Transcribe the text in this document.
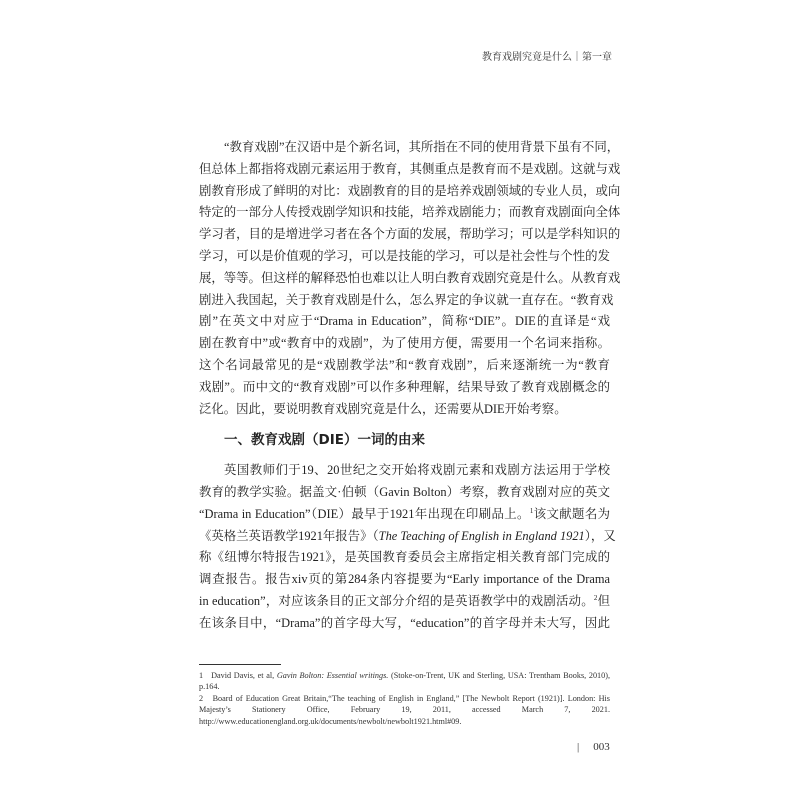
教育戏剧究竟是什么｜第一章
“教育戏剧”在汉语中是个新名词，其所指在不同的使用背景下虽有不同，
但总体上都指将戏剧元素运用于教育，其侧重点是教育而不是戏剧。这就与戏
剧教育形成了鲜明的对比：戏剧教育的目的是培养戏剧领域的专业人员，或向
特定的一部分人传授戏剧学知识和技能，培养戏剧能力；而教育戏剧面向全体
学习者，目的是增进学习者在各个方面的发展，帮助学习；可以是学科知识的
学习，可以是价值观的学习，可以是技能的学习，可以是社会性与个性的发
展，等等。但这样的解释恐怕也难以让人明白教育戏剧究竟是什么。从教育戏
剧进入我国起，关于教育戏剧是什么，怎么界定的争议就一直存在。“教育戏
剧”在英文中对应于“Drama in Education”，简称“DIE”。DIE的直译是“戏
剧在教育中”或“教育中的戏剧”，为了使用方便，需要用一个名词来指称。
这个名词最常见的是“戏剧教学法”和“教育戏剧”，后来逐渐统一为“教育
戏剧”。而中文的“教育戏剧”可以作多种理解，结果导致了教育戏剧概念的
泛化。因此，要说明教育戏剧究竟是什么，还需要从DIE开始考察。
一、教育戏剧（DIE）一词的由来
英国教师们于19、20世纪之交开始将戏剧元素和戏剧方法运用于学校
教育的教学实验。据盖文·伯顿（Gavin Bolton）考察，教育戏剧对应的英文
“Drama in Education”（DIE）最早于1921年出现在印刷品上。$^1$该文献题名为
《英格兰英语教学1921年报告》（The Teaching of English in England 1921），又
称《纽博尔特报告1921》，是英国教育委员会主席指定相关教育部门完成的
调查报告。报告xiv页的第284条内容提要为“Early importance of the Drama
in education”，对应该条目的正文部分介绍的是英语教学中的戏剧活动。$^2$但
在该条目中，“Drama”的首字母大写，“education”的首字母并未大写，因此
1 David Davis, et al, Gavin Bolton: Essential writings. (Stoke-on-Trent, UK and Sterling, USA: Trentham Books, 2010), p.164.
2 Board of Education Great Britain,“The teaching of English in England,” [The Newbolt Report (1921)]. London: His Majesty’s Stationery Office, February 19, 2011, accessed March 7, 2021. http://www.educationengland.org.uk/documents/newbolt/newbolt1921.html#09.
| 003
